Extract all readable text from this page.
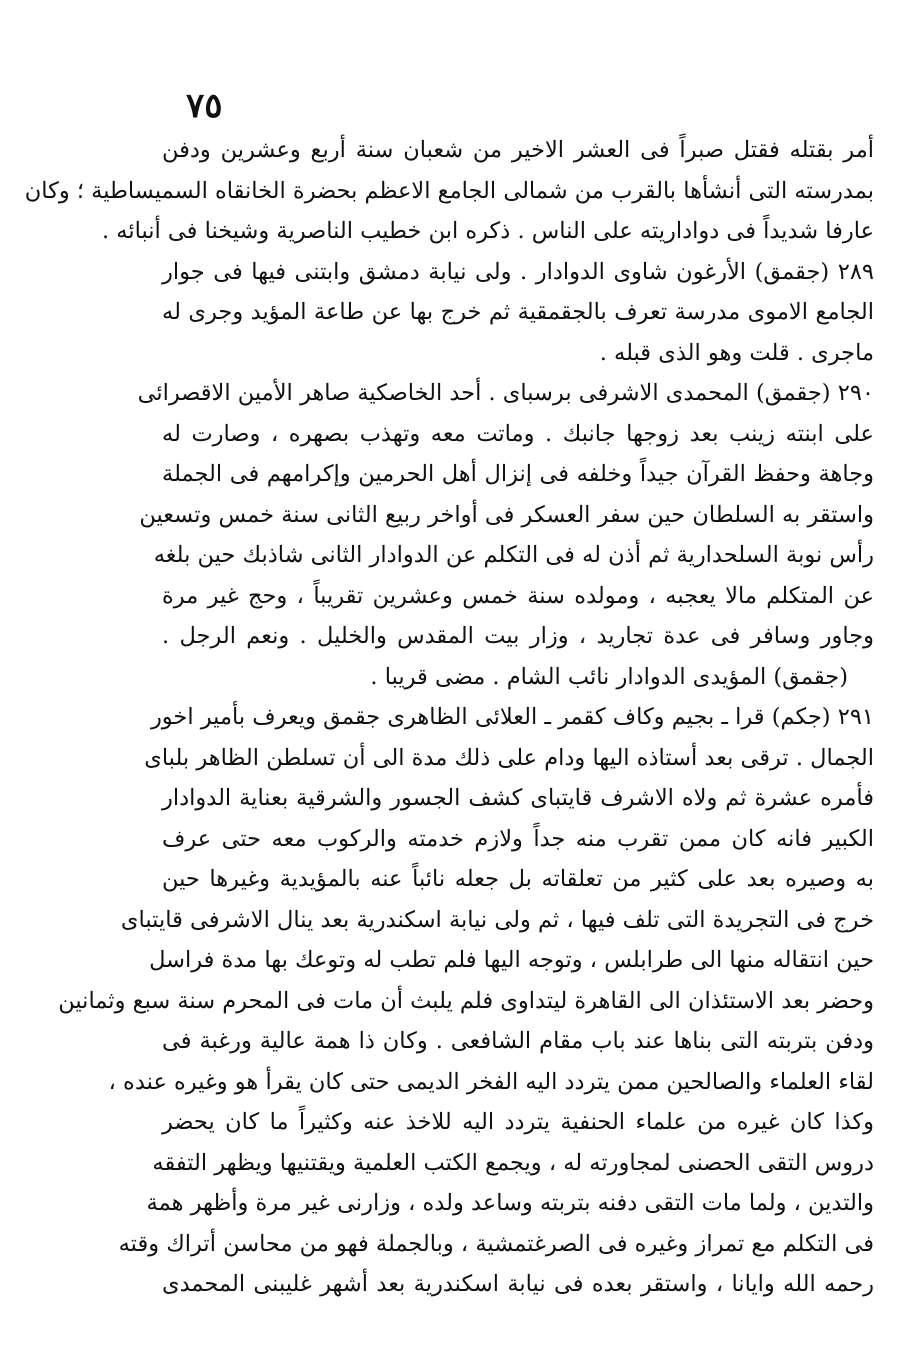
٧٥
أمر بقتله فقتل صبراً فى العشر الاخير من شعبان سنة أربع وعشرين ودفن
بمدرسته التى أنشأها بالقرب من شمالى الجامع الاعظم بحضرة الخانقاه السميساطية ؛ وكان
عارفا شديداً فى دواداريته على الناس . ذكره ابن خطيب الناصرية وشيخنا فى أنبائه .
٢٨٩ (جقمق) الأرغون شاوى الدوادار . ولى نيابة دمشق وابتنى فيها فى جوار
الجامع الاموى مدرسة تعرف بالجقمقية ثم خرج بها عن طاعة المؤيد وجرى له
ماجرى . قلت وهو الذى قبله .
٢٩٠ (جقمق) المحمدى الاشرفى برسباى . أحد الخاصكية صاهر الأمين الاقصرائى
على ابنته زينب بعد زوجها جانبك . وماتت معه وتهذب بصهره ، وصارت له
وجاهة وحفظ القرآن جيداً وخلفه فى إنزال أهل الحرمين وإكرامهم فى الجملة
واستقر به السلطان حين سفر العسكر فى أواخر ربيع الثانى سنة خمس وتسعين
رأس نوبة السلحدارية ثم أذن له فى التكلم عن الدوادار الثانى شاذبك حين بلغه
عن المتكلم مالا يعجبه ، ومولده سنة خمس وعشرين تقريباً ، وحج غير مرة
وجاور وسافر فى عدة تجاريد ، وزار بيت المقدس والخليل . ونعم الرجل .
(جقمق) المؤيدى الدوادار نائب الشام . مضى قريبا .
٢٩١ (جكم) قرا ـ بجيم وكاف كقمر ـ العلائى الظاهرى جقمق ويعرف بأمير اخور
الجمال . ترقى بعد أستاذه اليها ودام على ذلك مدة الى أن تسلطن الظاهر بلباى
فأمره عشرة ثم ولاه الاشرف قايتباى كشف الجسور والشرقية بعناية الدوادار
الكبير فانه كان ممن تقرب منه جداً ولازم خدمته والركوب معه حتى عرف
به وصيره بعد على كثير من تعلقاته بل جعله نائباً عنه بالمؤيدية وغيرها حين
خرج فى التجريدة التى تلف فيها ، ثم ولى نيابة اسكندرية بعد ينال الاشرفى قايتباى
حين انتقاله منها الى طرابلس ، وتوجه اليها فلم تطب له وتوعك بها مدة فراسل
وحضر بعد الاستئذان الى القاهرة ليتداوى فلم يلبث أن مات فى المحرم سنة سبع وثمانين
ودفن بتربته التى بناها عند باب مقام الشافعى . وكان ذا همة عالية ورغبة فى
لقاء العلماء والصالحين ممن يتردد اليه الفخر الديمى حتى كان يقرأ هو وغيره عنده ،
وكذا كان غيره من علماء الحنفية يتردد اليه للاخذ عنه وكثيراً ما كان يحضر
دروس التقى الحصنى لمجاورته له ، ويجمع الكتب العلمية ويقتنيها ويظهر التفقه
والتدين ، ولما مات التقى دفنه بتربته وساعد ولده ، وزارنى غير مرة وأظهر همة
فى التكلم مع تمراز وغيره فى الصرغتمشية ، وبالجملة فهو من محاسن أتراك وقته
رحمه الله وايانا ، واستقر بعده فى نيابة اسكندرية بعد أشهر غليبنى المحمدى
